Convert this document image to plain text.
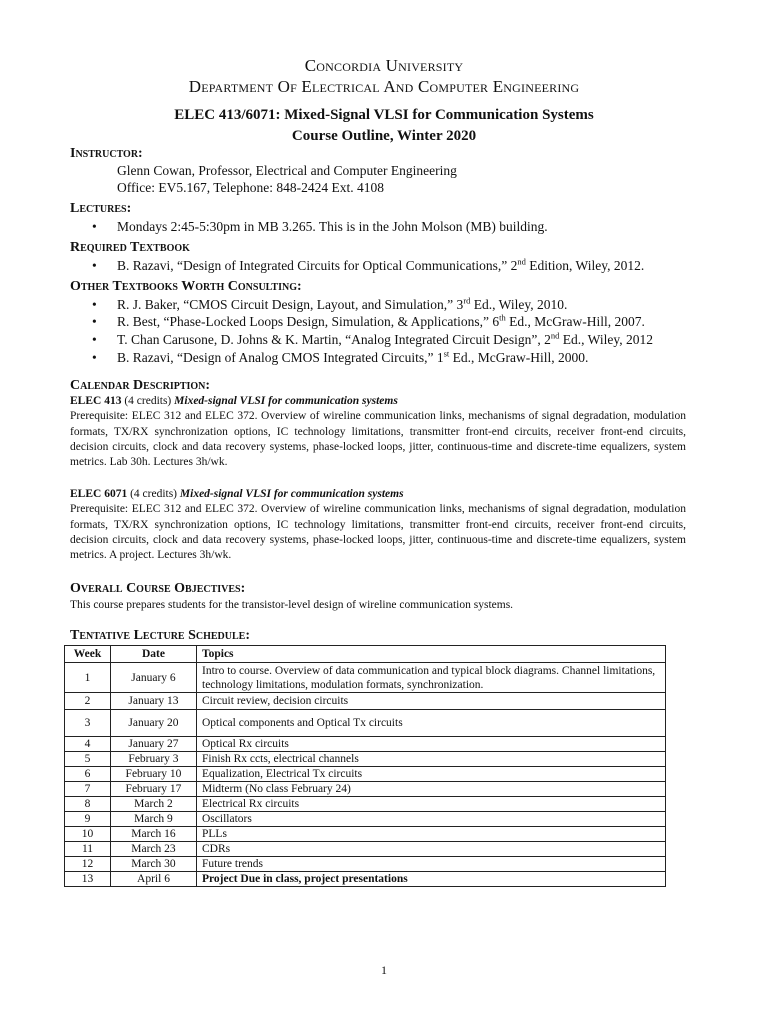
Concordia University
Department Of Electrical And Computer Engineering
ELEC 413/6071: Mixed-Signal VLSI for Communication Systems
Course Outline, Winter 2020
Instructor:
Glenn Cowan, Professor, Electrical and Computer Engineering
Office: EV5.167, Telephone: 848-2424 Ext. 4108
Lectures:
• Mondays 2:45-5:30pm in MB 3.265. This is in the John Molson (MB) building.
Required Textbook
• B. Razavi, “Design of Integrated Circuits for Optical Communications,” 2nd Edition, Wiley, 2012.
Other Textbooks Worth Consulting:
• R. J. Baker, “CMOS Circuit Design, Layout, and Simulation,” 3rd Ed., Wiley, 2010.
• R. Best, “Phase-Locked Loops Design, Simulation, & Applications,” 6th Ed., McGraw-Hill, 2007.
• T. Chan Carusone, D. Johns & K. Martin, “Analog Integrated Circuit Design”, 2nd Ed., Wiley, 2012
• B. Razavi, “Design of Analog CMOS Integrated Circuits,” 1st Ed., McGraw-Hill, 2000.
Calendar Description:
ELEC 413 (4 credits) Mixed-signal VLSI for communication systems
Prerequisite: ELEC 312 and ELEC 372. Overview of wireline communication links, mechanisms of signal degradation, modulation formats, TX/RX synchronization options, IC technology limitations, transmitter front-end circuits, receiver front-end circuits, decision circuits, clock and data recovery systems, phase-locked loops, jitter, continuous-time and discrete-time equalizers, system metrics. Lab 30h. Lectures 3h/wk.
ELEC 6071 (4 credits) Mixed-signal VLSI for communication systems
Prerequisite: ELEC 312 and ELEC 372. Overview of wireline communication links, mechanisms of signal degradation, modulation formats, TX/RX synchronization options, IC technology limitations, transmitter front-end circuits, receiver front-end circuits, decision circuits, clock and data recovery systems, phase-locked loops, jitter, continuous-time and discrete-time equalizers, system metrics. A project. Lectures 3h/wk.
Overall Course Objectives:
This course prepares students for the transistor-level design of wireline communication systems.
Tentative Lecture Schedule:
Week	Date	Topics
1	January 6	Intro to course. Overview of data communication and typical block diagrams. Channel limitations, technology limitations, modulation formats, synchronization.
2	January 13	Circuit review, decision circuits
3	January 20	Optical components and Optical Tx circuits
4	January 27	Optical Rx circuits
5	February 3	Finish Rx ccts, electrical channels
6	February 10	Equalization, Electrical Tx circuits
7	February 17	Midterm (No class February 24)
8	March 2	Electrical Rx circuits
9	March 9	Oscillators
10	March 16	PLLs
11	March 23	CDRs
12	March 30	Future trends
13	April 6	Project Due in class, project presentations
1
